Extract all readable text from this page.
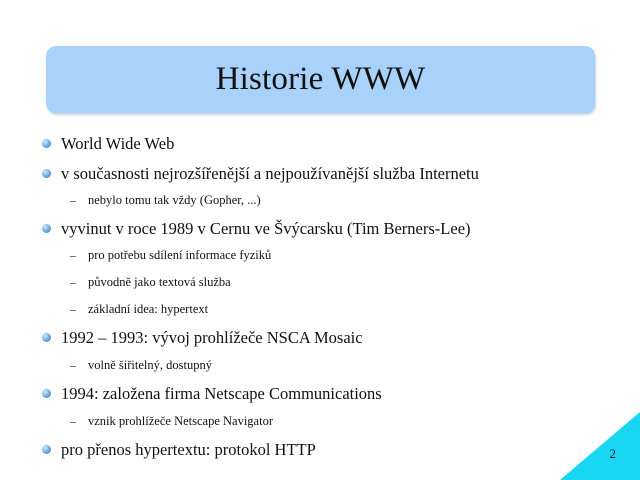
Historie WWW
World Wide Web
v současnosti nejrozšířenější a nejpoužívanější služba Internetu
– nebylo tomu tak vždy (Gopher, ...)
vyvinut v roce 1989 v Cernu ve Švýcarsku (Tim Berners-Lee)
– pro potřebu sdílení informace fyziků
– původně jako textová služba
– základní idea: hypertext
1992 – 1993: vývoj prohlížeče NSCA Mosaic
– volně šiřitelný, dostupný
1994: založena firma Netscape Communications
– vznik prohlížeče Netscape Navigator
pro přenos hypertextu: protokol HTTP	2
